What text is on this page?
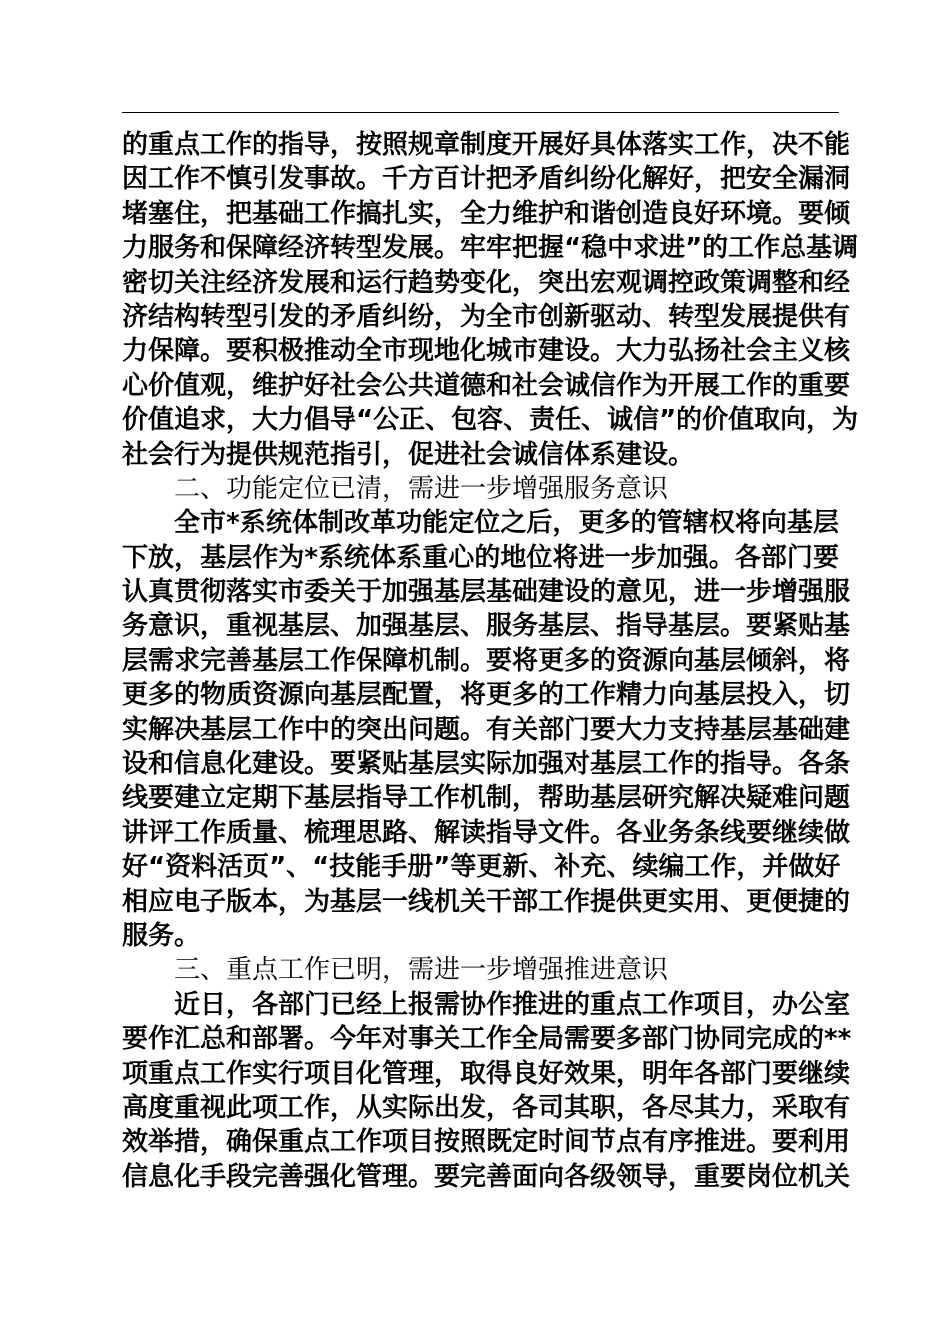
的重点工作的指导，按照规章制度开展好具体落实工作，决不能
因工作不慎引发事故。千方百计把矛盾纠纷化解好，把安全漏洞
堵塞住，把基础工作搞扎实，全力维护和谐创造良好环境。要倾
力服务和保障经济转型发展。牢牢把握“稳中求进”的工作总基调
密切关注经济发展和运行趋势变化，突出宏观调控政策调整和经
济结构转型引发的矛盾纠纷，为全市创新驱动、转型发展提供有
力保障。要积极推动全市现地化城市建设。大力弘扬社会主义核
心价值观，维护好社会公共道德和社会诚信作为开展工作的重要
价值追求，大力倡导“公正、包容、责任、诚信”的价值取向，为
社会行为提供规范指引，促进社会诚信体系建设。
二、功能定位已清，需进一步增强服务意识
全市*系统体制改革功能定位之后，更多的管辖权将向基层
下放，基层作为*系统体系重心的地位将进一步加强。各部门要
认真贯彻落实市委关于加强基层基础建设的意见，进一步增强服
务意识，重视基层、加强基层、服务基层、指导基层。要紧贴基
层需求完善基层工作保障机制。要将更多的资源向基层倾斜，将
更多的物质资源向基层配置，将更多的工作精力向基层投入，切
实解决基层工作中的突出问题。有关部门要大力支持基层基础建
设和信息化建设。要紧贴基层实际加强对基层工作的指导。各条
线要建立定期下基层指导工作机制，帮助基层研究解决疑难问题
讲评工作质量、梳理思路、解读指导文件。各业务条线要继续做
好“资料活页”、“技能手册”等更新、补充、续编工作，并做好
相应电子版本，为基层一线机关干部工作提供更实用、更便捷的
服务。
三、重点工作已明，需进一步增强推进意识
近日，各部门已经上报需协作推进的重点工作项目，办公室
要作汇总和部署。今年对事关工作全局需要多部门协同完成的**
项重点工作实行项目化管理，取得良好效果，明年各部门要继续
高度重视此项工作，从实际出发，各司其职，各尽其力，采取有
效举措，确保重点工作项目按照既定时间节点有序推进。要利用
信息化手段完善强化管理。要完善面向各级领导，重要岗位机关
